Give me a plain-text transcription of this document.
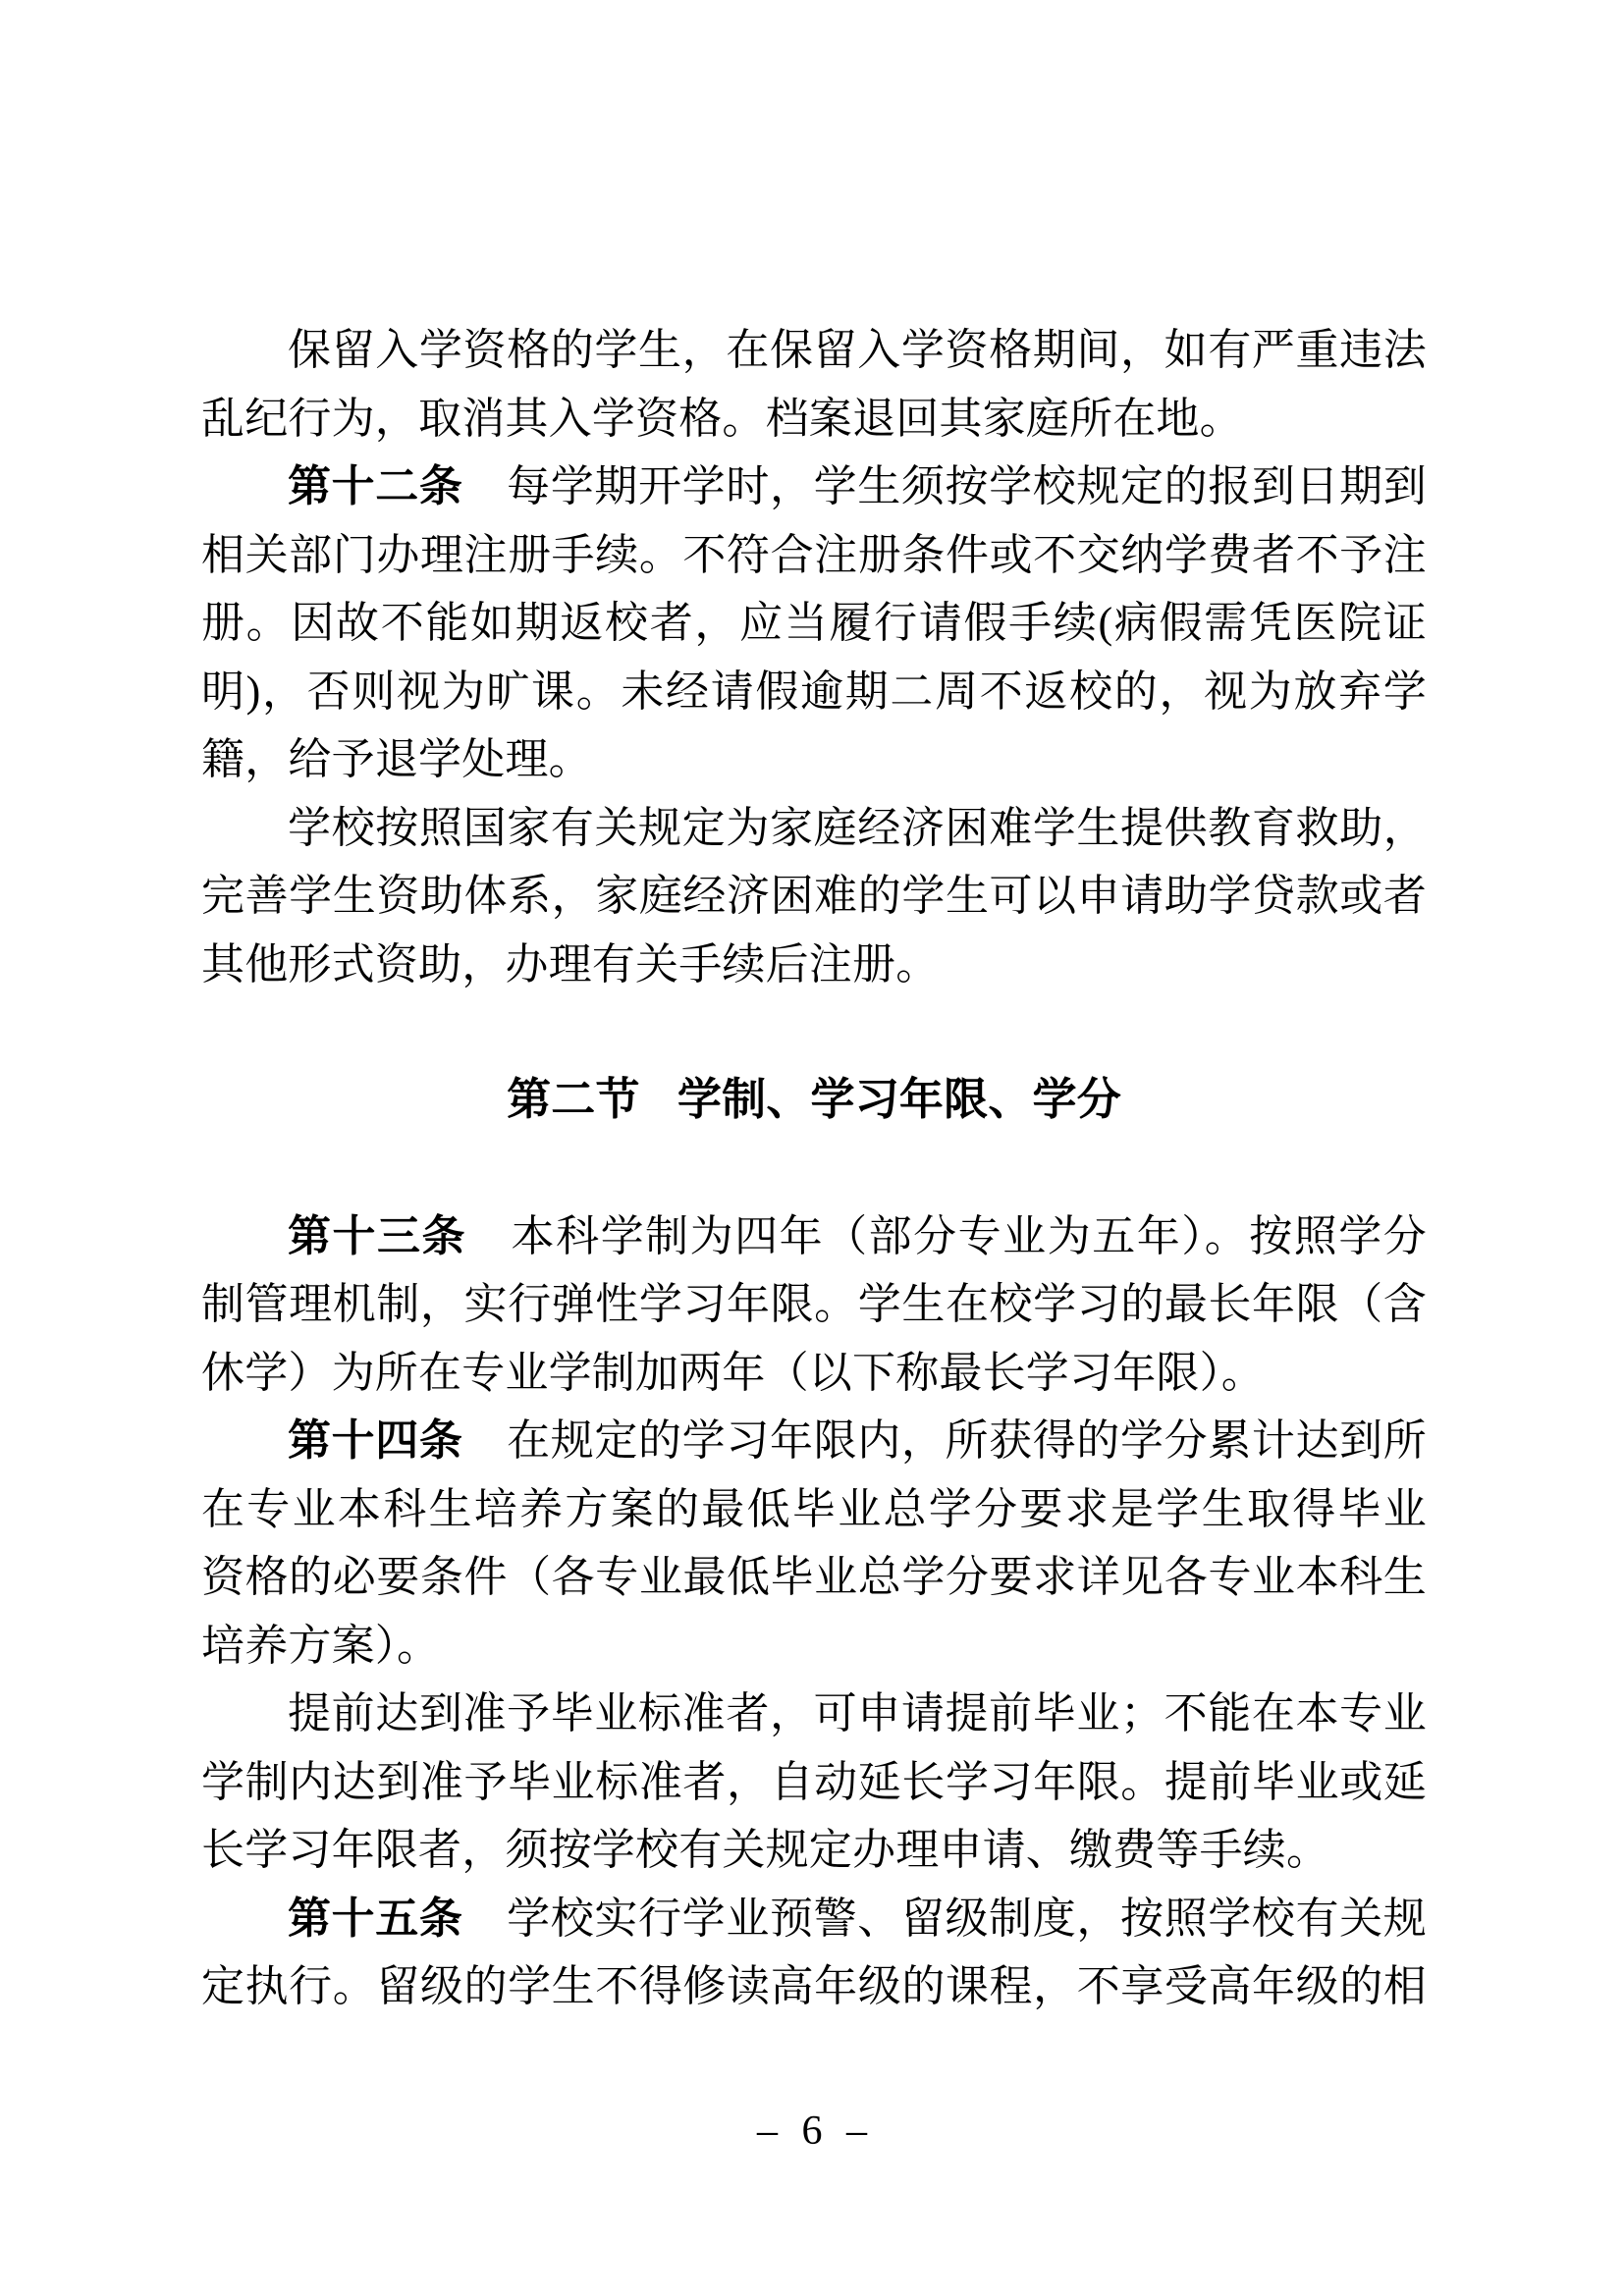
保留入学资格的学生，在保留入学资格期间，如有严重违法
乱纪行为，取消其入学资格。档案退回其家庭所在地。
第十二条　每学期开学时，学生须按学校规定的报到日期到
相关部门办理注册手续。不符合注册条件或不交纳学费者不予注
册。因故不能如期返校者，应当履行请假手续(病假需凭医院证
明)，否则视为旷课。未经请假逾期二周不返校的，视为放弃学
籍，给予退学处理。
学校按照国家有关规定为家庭经济困难学生提供教育救助，
完善学生资助体系，家庭经济困难的学生可以申请助学贷款或者
其他形式资助，办理有关手续后注册。
第二节 学制、学习年限、学分
第十三条　本科学制为四年（部分专业为五年）。按照学分
制管理机制，实行弹性学习年限。学生在校学习的最长年限（含
休学）为所在专业学制加两年（以下称最长学习年限）。
第十四条　在规定的学习年限内，所获得的学分累计达到所
在专业本科生培养方案的最低毕业总学分要求是学生取得毕业
资格的必要条件（各专业最低毕业总学分要求详见各专业本科生
培养方案）。
提前达到准予毕业标准者，可申请提前毕业；不能在本专业
学制内达到准予毕业标准者，自动延长学习年限。提前毕业或延
长学习年限者，须按学校有关规定办理申请、缴费等手续。
第十五条　学校实行学业预警、留级制度，按照学校有关规
定执行。留级的学生不得修读高年级的课程，不享受高年级的相
– 6 –
